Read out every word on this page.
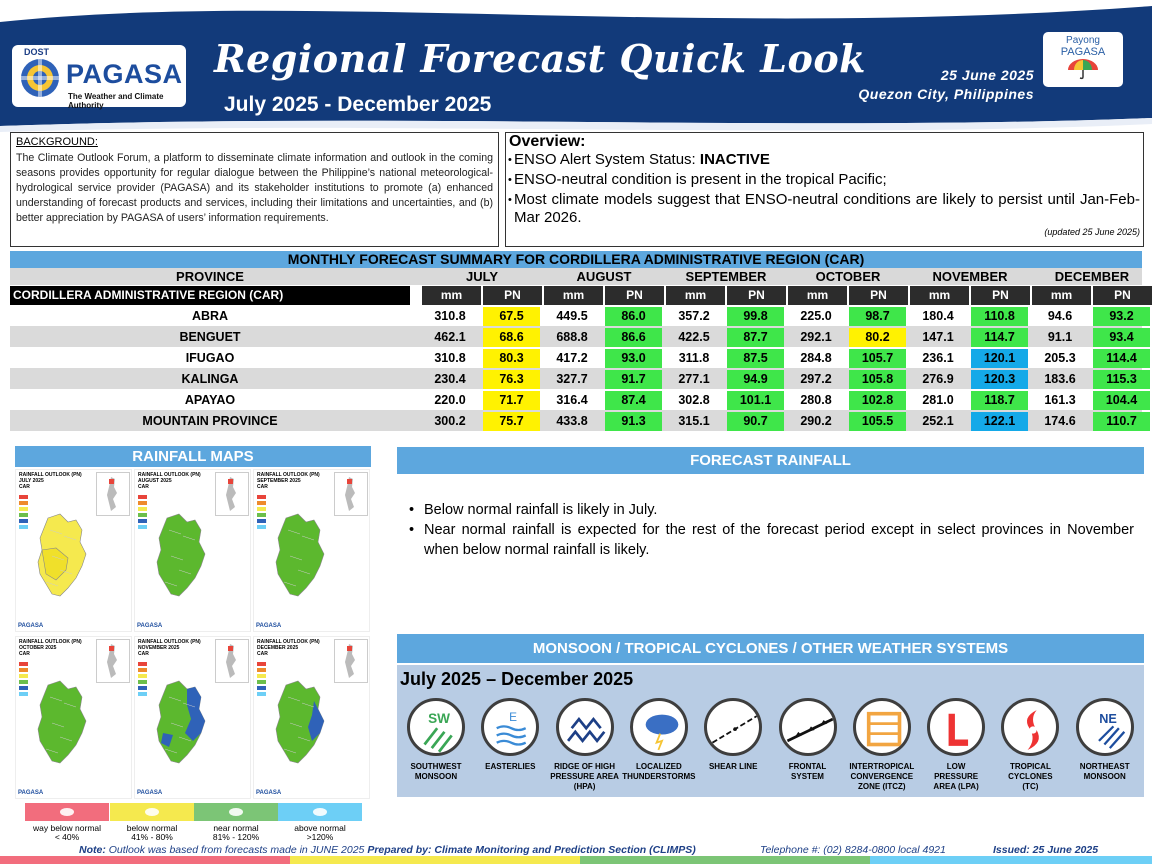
DOST
PAGASA
The Weather and Climate Authority
Regional Forecast Quick Look
July 2025 - December 2025
25 June 2025
Quezon City, Philippines
Payong
PAGASA
BACKGROUND:

The Climate Outlook Forum, a platform to disseminate climate information and outlook in the coming seasons provides opportunity for regular dialogue between the Philippine’s national meteorological-hydrological service provider (PAGASA) and its stakeholder institutions to promote (a) enhanced understanding of forecast products and services, including their limitations and uncertainties, and (b) better appreciation by PAGASA of users’ information requirements.

Overview:
• ENSO Alert System Status: INACTIVE
• ENSO-neutral condition is present in the tropical Pacific;
• Most climate models suggest that ENSO-neutral conditions are likely to persist until Jan-Feb-Mar 2026.
(updated 25 June 2025)
MONTHLY FORECAST SUMMARY FOR CORDILLERA ADMINISTRATIVE REGION (CAR)
PROVINCE	JULY	AUGUST	SEPTEMBER	OCTOBER	NOVEMBER	DECEMBER
CORDILLERA ADMINISTRATIVE REGION (CAR)	mm	PN	mm	PN	mm	PN	mm	PN	mm	PN	mm	PN
ABRA	310.8	67.5	449.5	86.0	357.2	99.8	225.0	98.7	180.4	110.8	94.6	93.2
BENGUET	462.1	68.6	688.8	86.6	422.5	87.7	292.1	80.2	147.1	114.7	91.1	93.4
IFUGAO	310.8	80.3	417.2	93.0	311.8	87.5	284.8	105.7	236.1	120.1	205.3	114.4
KALINGA	230.4	76.3	327.7	91.7	277.1	94.9	297.2	105.8	276.9	120.3	183.6	115.3
APAYAO	220.0	71.7	316.4	87.4	302.8	101.1	280.8	102.8	281.0	118.7	161.3	104.4
MOUNTAIN PROVINCE	300.2	75.7	433.8	91.3	315.1	90.7	290.2	105.5	252.1	122.1	174.6	110.7
RAINFALL MAPS
RAINFALL OUTLOOK (PN)
JULY 2025
CAR
PAGASA
RAINFALL OUTLOOK (PN)
AUGUST 2025
CAR
PAGASA
RAINFALL OUTLOOK (PN)
SEPTEMBER 2025
CAR
PAGASA
RAINFALL OUTLOOK (PN)
OCTOBER 2025
CAR
PAGASA
RAINFALL OUTLOOK (PN)
NOVEMBER 2025
CAR
PAGASA
RAINFALL OUTLOOK (PN)
DECEMBER 2025
CAR
PAGASA
way below normal
< 40%
below normal
41% - 80%
near normal
81% - 120%
above normal
>120%
FORECAST RAINFALL
• Below normal rainfall is likely in July.
• Near normal rainfall is expected for the rest of the forecast period except in select provinces in November when below normal rainfall is likely.
MONSOON / TROPICAL CYCLONES / OTHER WEATHER SYSTEMS
July 2025 – December 2025
SW
SOUTHWEST
MONSOON
E
EASTERLIES	RIDGE OF HIGH
PRESSURE AREA
(HPA)
LOCALIZED
THUNDERSTORMS
SHEAR LINE	FRONTAL
SYSTEM
INTERTROPICAL
CONVERGENCE
ZONE (ITCZ)
LOW
PRESSURE
AREA (LPA)
TROPICAL
CYCLONES
(TC)
NE
NORTHEAST
MONSOON
Note: Outlook was based from forecasts made in JUNE 2025 Prepared by: Climate Monitoring and Prediction Section (CLIMPS)	Telephone #: (02) 8284-0800 local 4921	Issued: 25 June 2025
